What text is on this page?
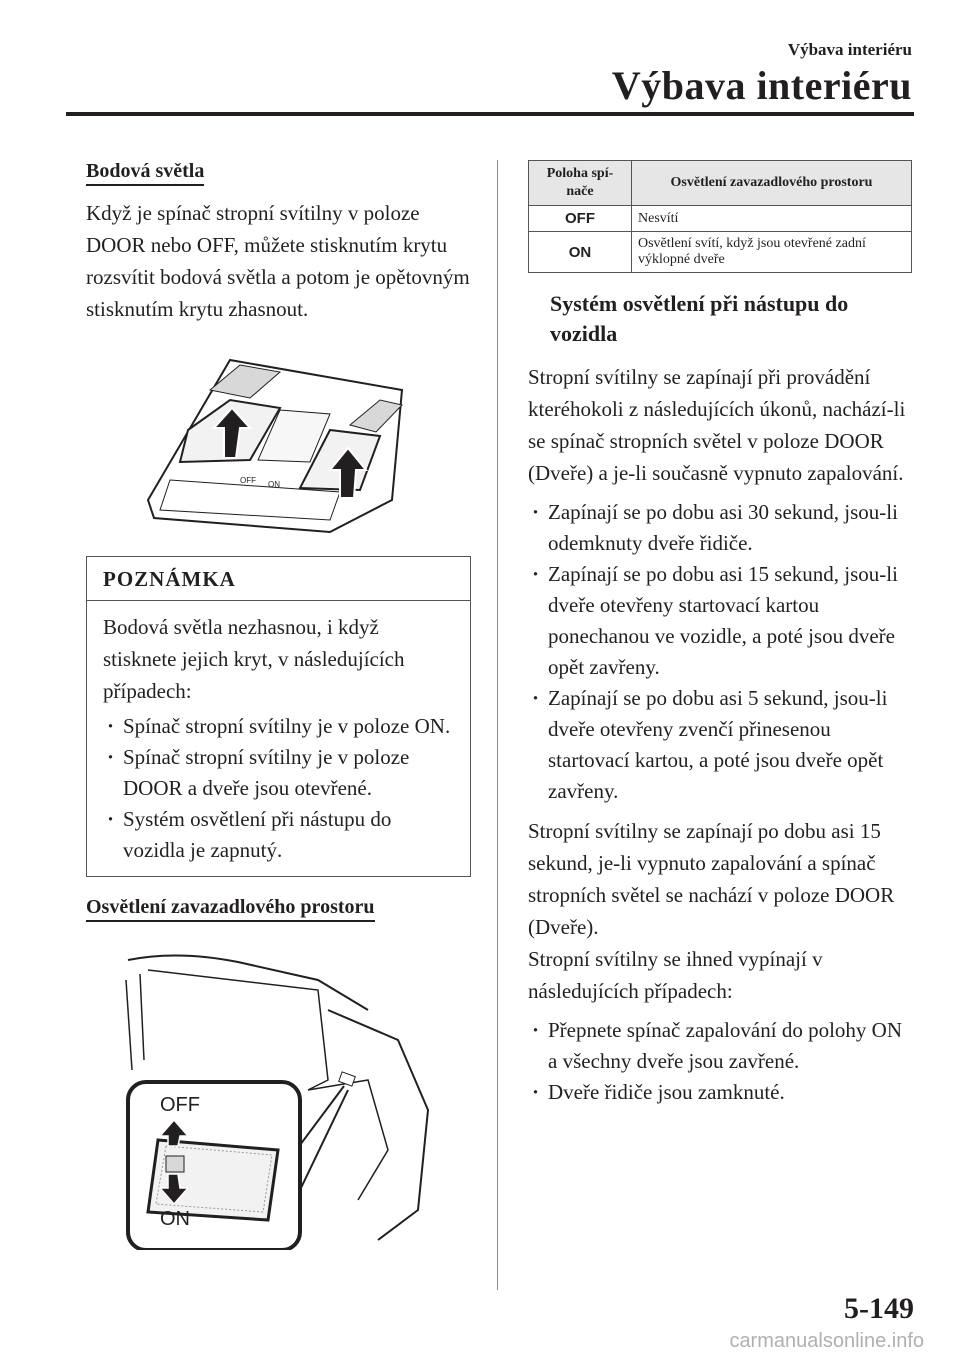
Výbava interiéru
Výbava interiéru
Bodová světla
Když je spínač stropní svítilny v poloze DOOR nebo OFF, můžete stisknutím krytu rozsvítit bodová světla a potom je opětovným stisknutím krytu zhasnout.
OFF ON
POZNÁMKA
Bodová světla nezhasnou, i když stisknete jejich kryt, v následujících případech:
· Spínač stropní svítilny je v poloze ON.
· Spínač stropní svítilny je v poloze DOOR a dveře jsou otevřené.
· Systém osvětlení při nástupu do vozidla je zapnutý.
Osvětlení zavazadlového prostoru
OFF
ON
Poloha spí-nače	Osvětlení zavazadlového prostoru
OFF	Nesvítí
ON	Osvětlení svítí, když jsou otevřené zadní výklopné dveře
Systém osvětlení při nástupu do vozidla
Stropní svítilny se zapínají při provádění kteréhokoli z následujících úkonů, nachází-li se spínač stropních světel v poloze DOOR (Dveře) a je-li současně vypnuto zapalování.
· Zapínají se po dobu asi 30 sekund, jsou-li odemknuty dveře řidiče.
· Zapínají se po dobu asi 15 sekund, jsou-li dveře otevřeny startovací kartou ponechanou ve vozidle, a poté jsou dveře opět zavřeny.
· Zapínají se po dobu asi 5 sekund, jsou-li dveře otevřeny zvenčí přinesenou startovací kartou, a poté jsou dveře opět zavřeny.
Stropní svítilny se zapínají po dobu asi 15 sekund, je-li vypnuto zapalování a spínač stropních světel se nachází v poloze DOOR (Dveře).
Stropní svítilny se ihned vypínají v následujících případech:
· Přepnete spínač zapalování do polohy ON a všechny dveře jsou zavřené.
· Dveře řidiče jsou zamknuté.
5-149
carmanualsonline.info
